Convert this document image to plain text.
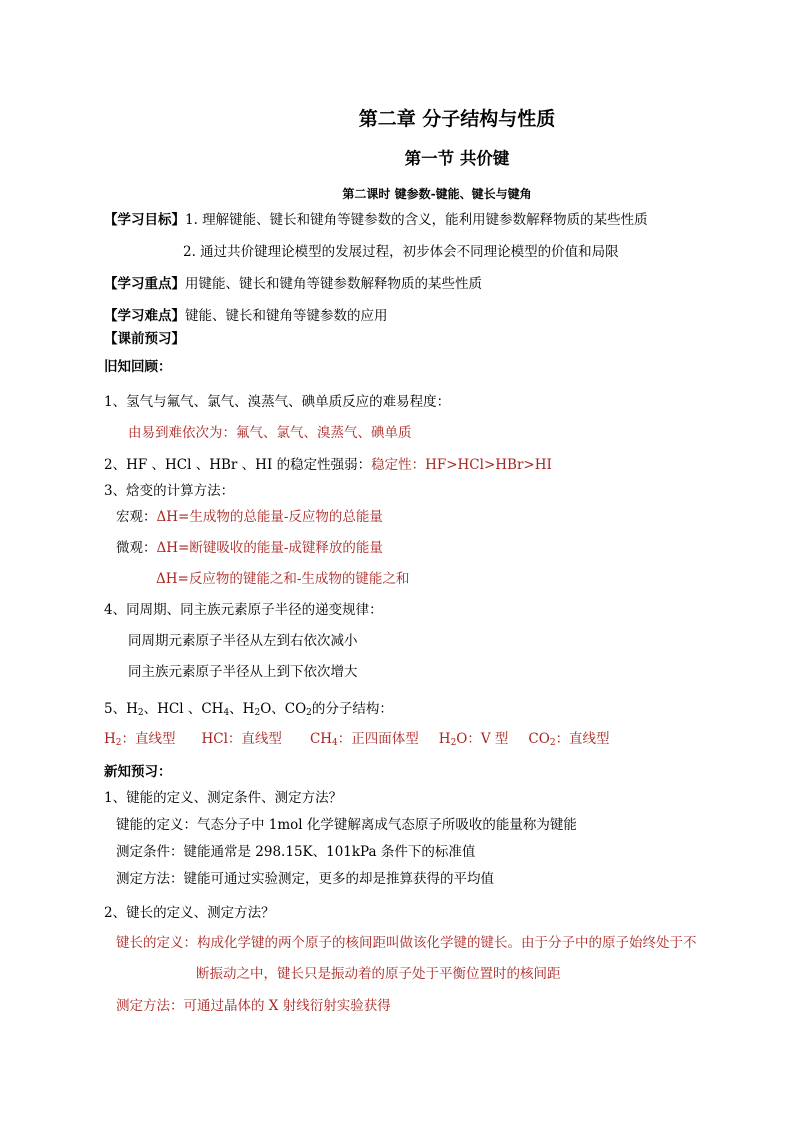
第二章 分子结构与性质
第一节 共价键
第二课时 键参数-键能、键长与键角
【学习目标】1. 理解键能、键长和键角等键参数的含义，能利用键参数解释物质的某些性质
2. 通过共价键理论模型的发展过程，初步体会不同理论模型的价值和局限
【学习重点】用键能、键长和键角等键参数解释物质的某些性质
【学习难点】键能、键长和键角等键参数的应用
【课前预习】
旧知回顾：
1、氢气与氟气、氯气、溴蒸气、碘单质反应的难易程度：
由易到难依次为：氟气、氯气、溴蒸气、碘单质
2、HF 、HCl 、HBr 、HI 的稳定性强弱：稳定性：HF>HCl>HBr>HI
3、焓变的计算方法：
宏观：ΔH=生成物的总能量-反应物的总能量
微观：ΔH=断键吸收的能量-成键释放的能量
ΔH=反应物的键能之和-生成物的键能之和
4、同周期、同主族元素原子半径的递变规律：
同周期元素原子半径从左到右依次减小
同主族元素原子半径从上到下依次增大
5、$H_2$、HCl 、$CH_4$、$H_2O$、$CO_2$的分子结构：
$H_2$：直线型 HCl：直线型 $CH_4$：正四面体型 $H_2O$：V 型 $CO_2$：直线型
新知预习：
1、键能的定义、测定条件、测定方法？
键能的定义：气态分子中 1mol 化学键解离成气态原子所吸收的能量称为键能
测定条件：键能通常是 298.15K、101kPa 条件下的标准值
测定方法：键能可通过实验测定，更多的却是推算获得的平均值
2、键长的定义、测定方法？
键长的定义：构成化学键的两个原子的核间距叫做该化学键的键长。由于分子中的原子始终处于不
断振动之中，键长只是振动着的原子处于平衡位置时的核间距
测定方法：可通过晶体的 X 射线衍射实验获得
